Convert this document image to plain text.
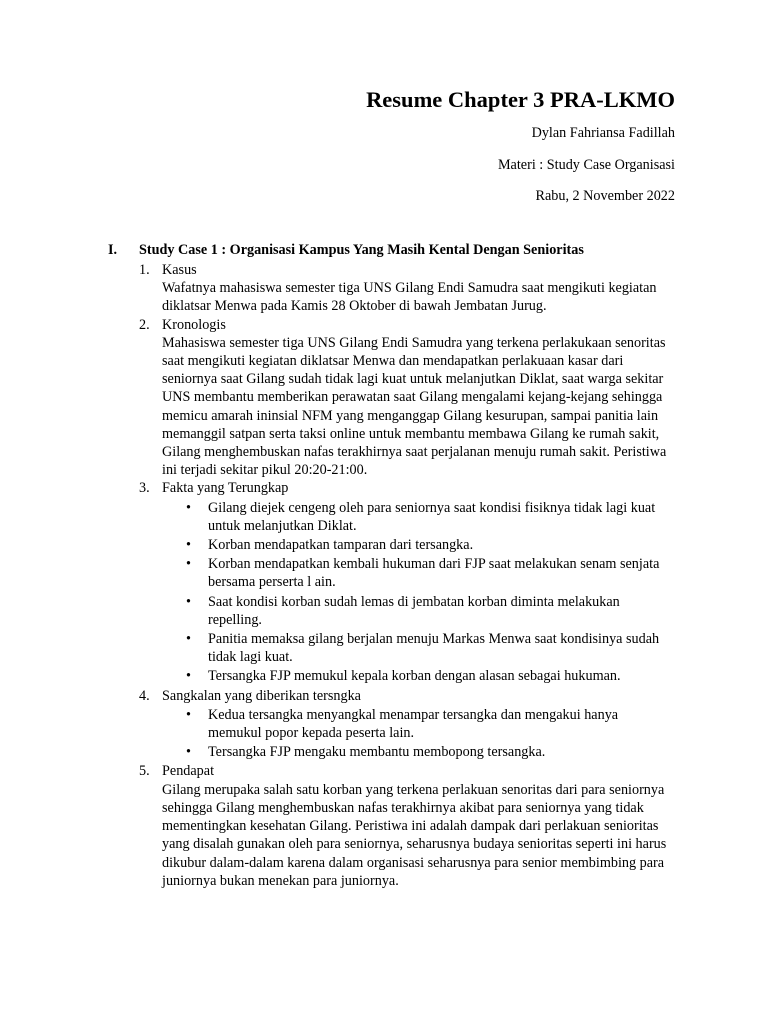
Resume Chapter 3 PRA-LKMO
Dylan Fahriansa Fadillah
Materi : Study Case Organisasi
Rabu, 2 November 2022
I. Study Case 1 : Organisasi Kampus Yang Masih Kental Dengan Senioritas
1. Kasus

Wafatnya mahasiswa semester tiga UNS Gilang Endi Samudra saat mengikuti kegiatan diklatsar Menwa pada Kamis 28 Oktober di bawah Jembatan Jurug.

2. Kronologis

Mahasiswa semester tiga UNS Gilang Endi Samudra yang terkena perlakukaan senoritas saat mengikuti kegiatan diklatsar Menwa dan mendapatkan perlakuaan kasar dari seniornya saat Gilang sudah tidak lagi kuat untuk melanjutkan Diklat, saat warga sekitar UNS membantu memberikan perawatan saat Gilang mengalami kejang-kejang sehingga memicu amarah ininsial NFM yang menganggap Gilang kesurupan, sampai panitia lain memanggil satpan serta taksi online untuk membantu membawa Gilang ke rumah sakit, Gilang menghembuskan nafas terakhirnya saat perjalanan menuju rumah sakit. Peristiwa ini terjadi sekitar pikul 20:20-21:00.

3. Fakta yang Terungkap
• Gilang diejek cengeng oleh para seniornya saat kondisi fisiknya tidak lagi kuat untuk melanjutkan Diklat.
• Korban mendapatkan tamparan dari tersangka.
• Korban mendapatkan kembali hukuman dari FJP saat melakukan senam senjata bersama perserta l ain.
• Saat kondisi korban sudah lemas di jembatan korban diminta melakukan repelling.
• Panitia memaksa gilang berjalan menuju Markas Menwa saat kondisinya sudah tidak lagi kuat.
• Tersangka FJP memukul kepala korban dengan alasan sebagai hukuman.
4. Sangkalan yang diberikan tersngka
• Kedua tersangka menyangkal menampar tersangka dan mengakui hanya memukul popor kepada peserta lain.
• Tersangka FJP mengaku membantu membopong tersangka.
5. Pendapat

Gilang merupaka salah satu korban yang terkena perlakuan senoritas dari para seniornya sehingga Gilang menghembuskan nafas terakhirnya akibat para seniornya yang tidak mementingkan kesehatan Gilang. Peristiwa ini adalah dampak dari perlakuan senioritas yang disalah gunakan oleh para seniornya, seharusnya budaya senioritas seperti ini harus dikubur dalam-dalam karena dalam organisasi seharusnya para senior membimbing para juniornya bukan menekan para juniornya.
